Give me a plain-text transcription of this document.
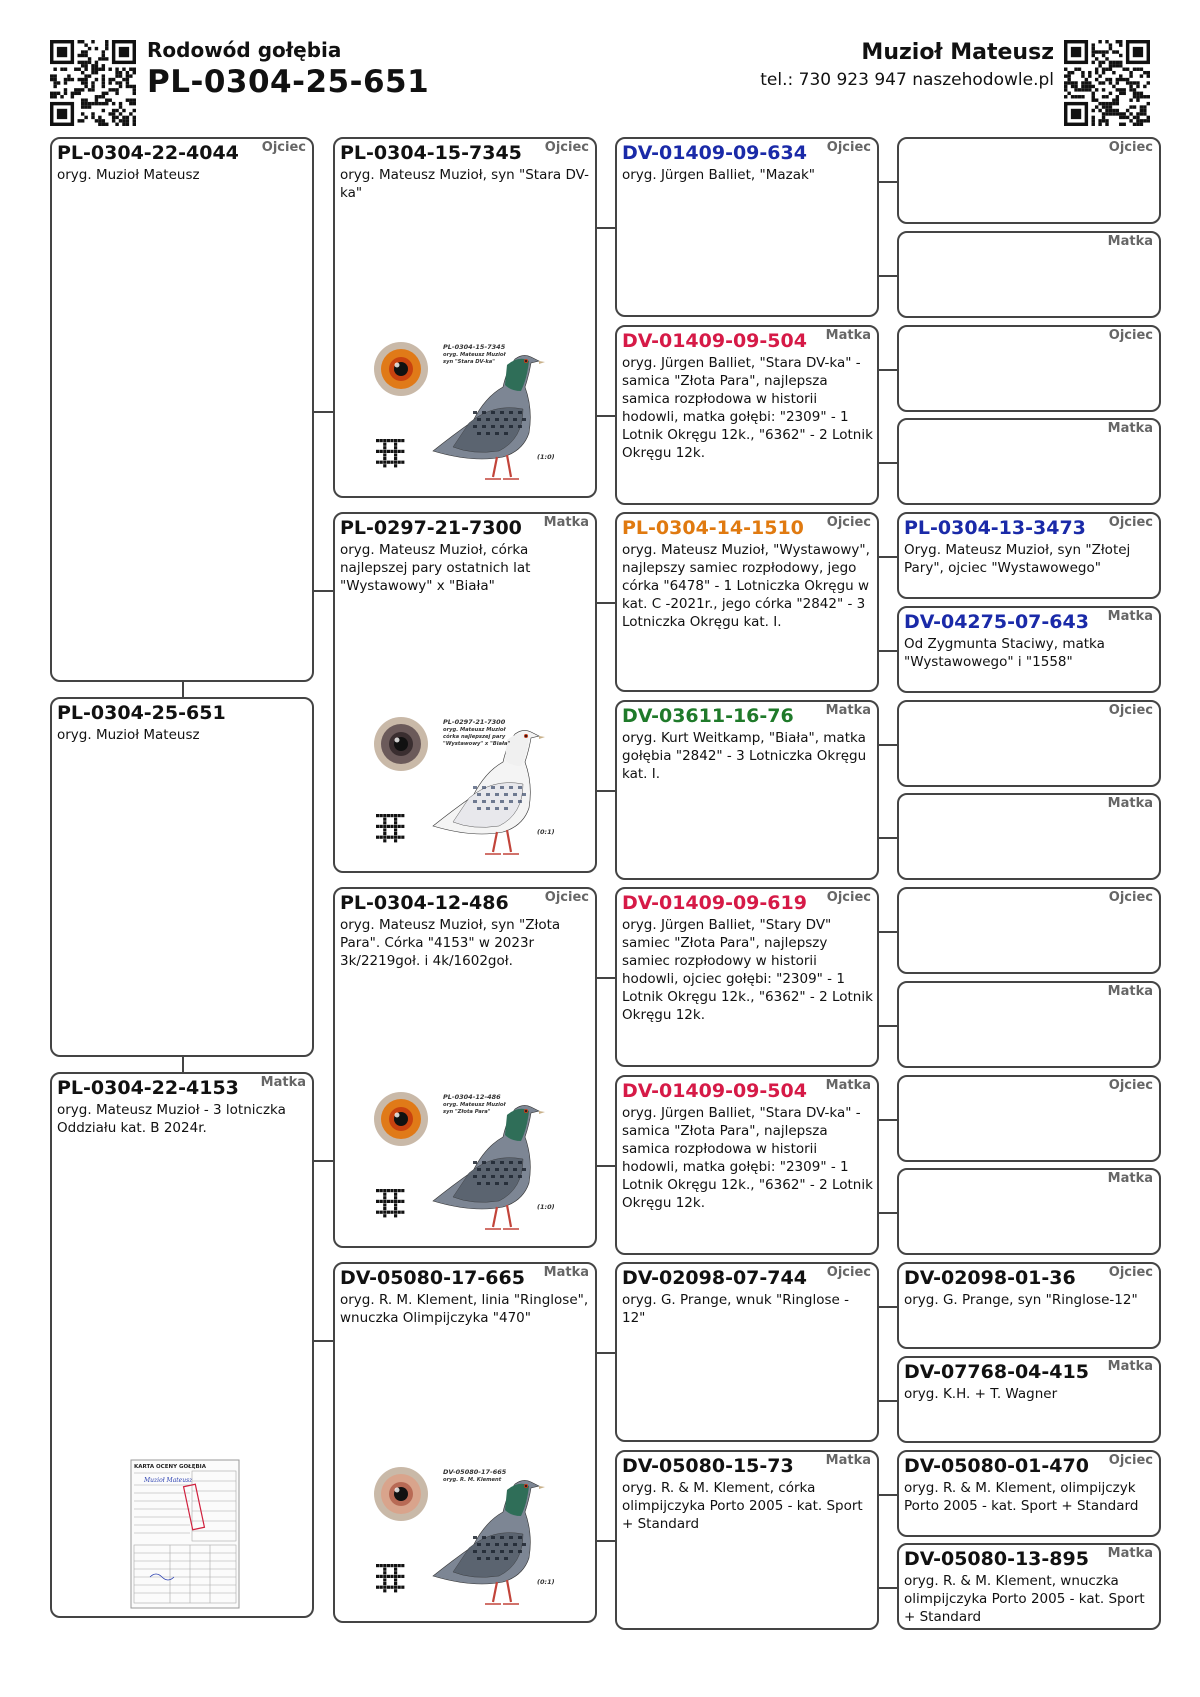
Rodowód gołębia
PL-0304-25-651
Muzioł Mateusz
tel.: 730 923 947 naszehodowle.pl
PL-0304-22-4044	Ojciec
oryg. Muzioł Mateusz
PL-0304-25-651
oryg. Muzioł Mateusz
PL-0304-22-4153	Matka
oryg. Mateusz Muzioł - 3 lotniczka Oddziału kat. B 2024r.
KARTA OCENY GOŁĘBIA
Muzioł Mateusz
PL-0304-15-7345	Ojciec
oryg. Mateusz Muzioł, syn "Stara DV-ka"
PL-0304-15-7345
oryg. Mateusz Muzioł
syn "Stara DV-ka"
(1:0)
PL-0297-21-7300	Matka
oryg. Mateusz Muzioł, córka najlepszej pary ostatnich lat "Wystawowy" x "Biała"
PL-0297-21-7300
oryg. Mateusz Muzioł
córka najlepszej pary
"Wystawowy" x "Biała"
(0:1)
PL-0304-12-486	Ojciec
oryg. Mateusz Muzioł, syn "Złota Para". Córka "4153" w 2023r 3k/2219goł. i 4k/1602goł.
PL-0304-12-486
oryg. Mateusz Muzioł
syn "Złota Para"
(1:0)
DV-05080-17-665	Matka
oryg. R. M. Klement, linia "Ringlose", wnuczka Olimpijczyka "470"
DV-05080-17-665
oryg. R. M. Klement
(0:1)
DV-01409-09-634	Ojciec
oryg. Jürgen Balliet, "Mazak"
DV-01409-09-504	Matka
oryg. Jürgen Balliet, "Stara DV-ka" - samica "Złota Para", najlepsza samica rozpłodowa w historii hodowli, matka gołębi: "2309" - 1 Lotnik Okręgu 12k., "6362" - 2 Lotnik Okręgu 12k.
PL-0304-14-1510	Ojciec
oryg. Mateusz Muzioł, "Wystawowy", najlepszy samiec rozpłodowy, jego córka "6478" - 1 Lotniczka Okręgu w kat. C -2021r., jego córka "2842" - 3 Lotniczka Okręgu kat. I.
DV-03611-16-76	Matka
oryg. Kurt Weitkamp, "Biała", matka gołębia "2842" - 3 Lotniczka Okręgu kat. I.
DV-01409-09-619	Ojciec
oryg. Jürgen Balliet, "Stary DV" samiec "Złota Para", najlepszy samiec rozpłodowy w historii hodowli, ojciec gołębi: "2309" - 1 Lotnik Okręgu 12k., "6362" - 2 Lotnik Okręgu 12k.
DV-01409-09-504	Matka
oryg. Jürgen Balliet, "Stara DV-ka" - samica "Złota Para", najlepsza samica rozpłodowa w historii hodowli, matka gołębi: "2309" - 1 Lotnik Okręgu 12k., "6362" - 2 Lotnik Okręgu 12k.
DV-02098-07-744	Ojciec
oryg. G. Prange, wnuk "Ringlose - 12"
DV-05080-15-73	Matka
oryg. R. & M. Klement, córka olimpijczyka Porto 2005 - kat. Sport + Standard
Ojciec
Matka
Ojciec
Matka
PL-0304-13-3473	Ojciec
Oryg. Mateusz Muzioł, syn "Złotej Pary", ojciec "Wystawowego"
DV-04275-07-643	Matka
Od Zygmunta Staciwy, matka "Wystawowego" i "1558"
Ojciec
Matka
Ojciec
Matka
Ojciec
Matka
DV-02098-01-36	Ojciec
oryg. G. Prange, syn "Ringlose-12"
DV-07768-04-415	Matka
oryg. K.H. + T. Wagner
DV-05080-01-470	Ojciec
oryg. R. & M. Klement, olimpijczyk Porto 2005 - kat. Sport + Standard
DV-05080-13-895	Matka
oryg. R. & M. Klement, wnuczka olimpijczyka Porto 2005 - kat. Sport + Standard
